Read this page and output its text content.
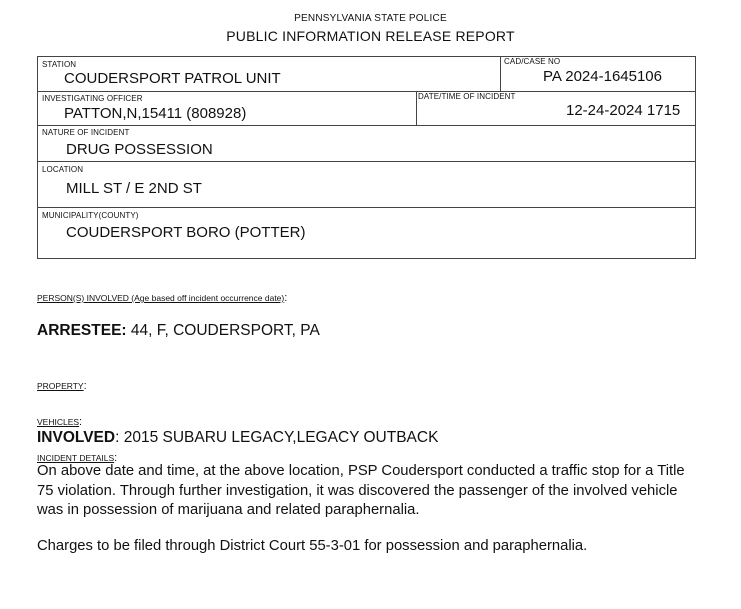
PENNSYLVANIA STATE POLICE
PUBLIC INFORMATION RELEASE REPORT
STATION
COUDERSPORT PATROL UNIT
CAD/CASE NO
PA 2024-1645106
INVESTIGATING OFFICER
PATTON,N,15411 (808928)
DATE/TIME OF INCIDENT
12-24-2024 1715
NATURE OF INCIDENT
DRUG POSSESSION
LOCATION
MILL ST / E 2ND ST
MUNICIPALITY(COUNTY)
COUDERSPORT BORO (POTTER)
PERSON(S) INVOLVED (Age based off incident occurrence date):
ARRESTEE: 44, F, COUDERSPORT, PA
PROPERTY:
VEHICLES:
INVOLVED: 2015 SUBARU LEGACY,LEGACY OUTBACK
INCIDENT DETAILS:
On above date and time, at the above location, PSP Coudersport conducted a traffic stop for a Title 75 violation. Through further investigation, it was discovered the passenger of the involved vehicle was in possession of marijuana and related paraphernalia.
Charges to be filed through District Court 55-3-01 for possession and paraphernalia.
